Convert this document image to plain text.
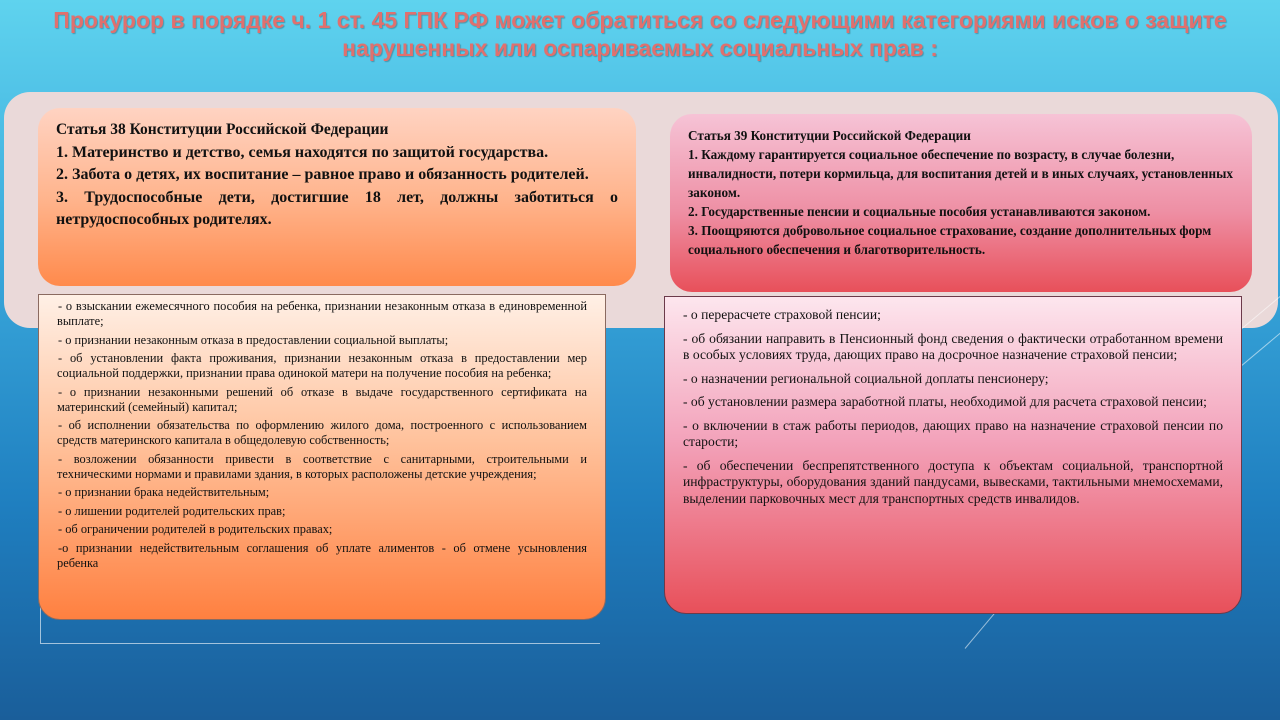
Прокурор в порядке ч. 1 ст. 45 ГПК РФ может обратиться со следующими категориями исков о защите нарушенных или оспариваемых социальных прав :
Статья 38 Конституции Российской Федерации
1. Материнство и детство, семья находятся по защитой государства.
2. Забота о детях, их воспитание – равное право и обязанность родителей.
3. Трудоспособные дети, достигшие 18 лет, должны заботиться о нетрудоспособных родителях.
Статья 39 Конституции Российской Федерации
1. Каждому гарантируется социальное обеспечение по возрасту, в случае болезни, инвалидности, потери кормильца, для воспитания детей и в иных случаях, установленных законом.
2. Государственные пенсии и социальные пособия устанавливаются законом.
3. Поощряются добровольное социальное страхование, создание дополнительных форм социального обеспечения и благотворительность.

- о взыскании ежемесячного пособия на ребенка, признании незаконным отказа в единовременной выплате;

- о признании незаконным отказа в предоставлении социальной выплаты;

- об установлении факта проживания, признании незаконным отказа в предоставлении мер социальной поддержки, признании права одинокой матери на получение пособия на ребенка;

- о признании незаконными решений об отказе в выдаче государственного сертификата на материнский (семейный) капитал;

- об исполнении обязательства по оформлению жилого дома, построенного с использованием средств материнского капитала в общедолевую собственность;

- возложении обязанности привести в соответствие с санитарными, строительными и техническими нормами и правилами здания, в которых расположены детские учреждения;

- о признании брака недействительным;

- о лишении родителей родительских прав;

- об ограничении родителей в родительских правах;

-о признании недействительным соглашения об уплате алиментов - об отмене усыновления ребенка

- о перерасчете страховой пенсии;

- об обязании направить в Пенсионный фонд сведения о фактически отработанном времени в особых условиях труда, дающих право на досрочное назначение страховой пенсии;

- о назначении региональной социальной доплаты пенсионеру;

- об установлении размера заработной платы, необходимой для расчета страховой пенсии;

- о включении в стаж работы периодов, дающих право на назначение страховой пенсии по старости;

- об обеспечении беспрепятственного доступа к объектам социальной, транспортной инфраструктуры, оборудования зданий пандусами, вывесками, тактильными мнемосхемами, выделении парковочных мест для транспортных средств инвалидов.
